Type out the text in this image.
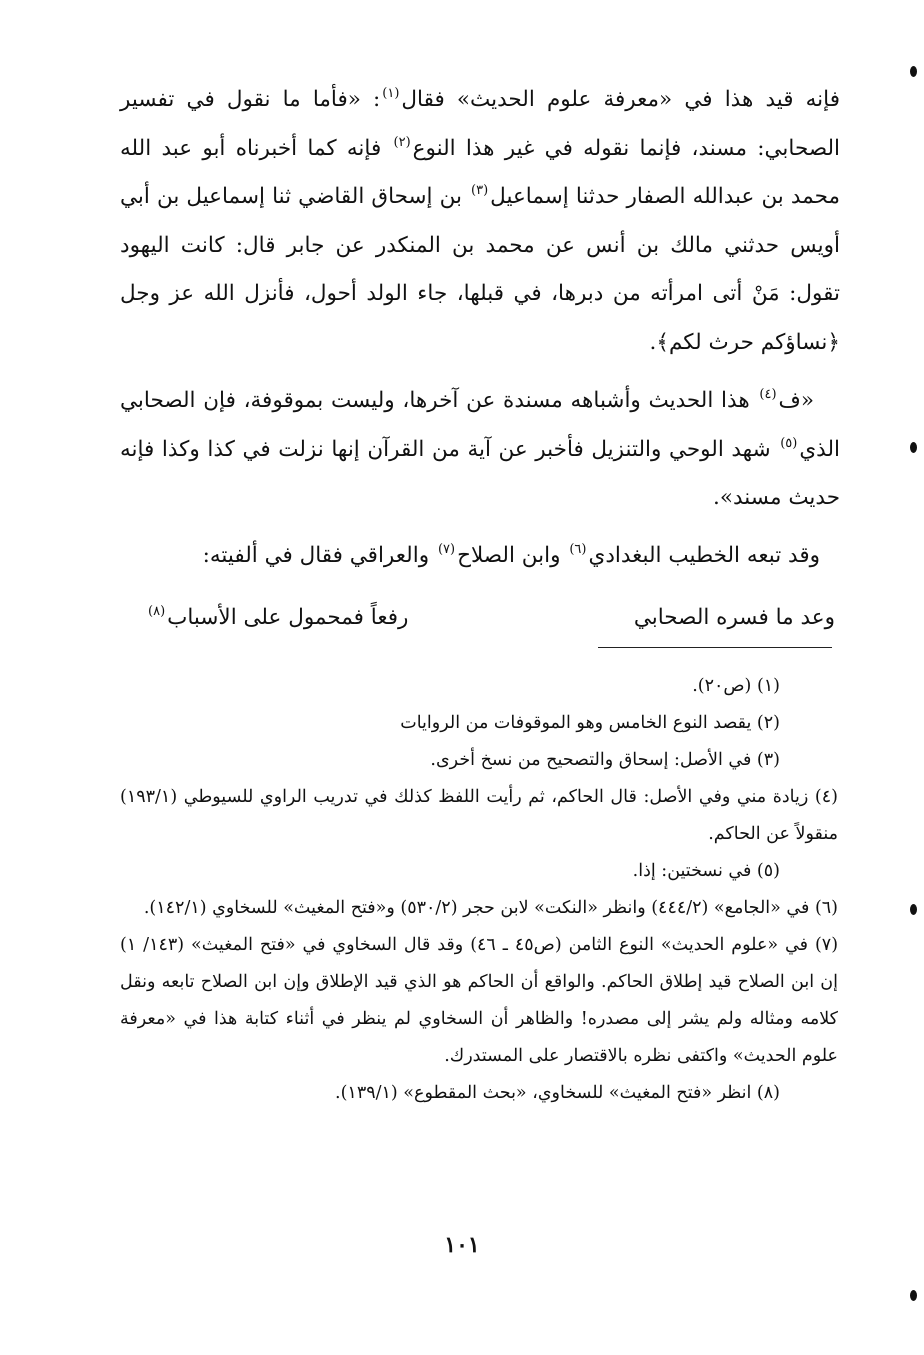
فإنه قيد هذا في «معرفة علوم الحديث» فقال$^{(١)}$: «فأما ما نقول في تفسير الصحابي: مسند، فإنما نقوله في غير هذا النوع$^{(٢)}$ فإنه كما أخبرناه أبو عبد الله محمد بن عبدالله الصفار حدثنا إسماعيل$^{(٣)}$ بن إسحاق القاضي ثنا إسماعيل بن أبي أويس حدثني مالك بن أنس عن محمد بن المنكدر عن جابر قال: كانت اليهود تقول: مَنْ أتى امرأته من دبرها، في قبلها، جاء الولد أحول، فأنزل الله عز وجل ﴿نساؤكم حرث لكم﴾.

«ف$^{(٤)}$ هذا الحديث وأشباهه مسندة عن آخرها، وليست بموقوفة، فإن الصحابي الذي$^{(٥)}$ شهد الوحي والتنزيل فأخبر عن آية من القرآن إنها نزلت في كذا وكذا فإنه حديث مسند».

وقد تبعه الخطيب البغدادي$^{(٦)}$ وابن الصلاح$^{(٧)}$ والعراقي فقال في ألفيته:

وعد ما فسره الصحابي
رفعاً فمحمول على الأسباب$^{(٨)}$

(١) (ص٢٠).

(٢) يقصد النوع الخامس وهو الموقوفات من الروايات

(٣) في الأصل: إسحاق والتصحيح من نسخ أخرى.

(٤) زيادة مني وفي الأصل: قال الحاكم، ثم رأيت اللفظ كذلك في تدريب الراوي للسيوطي (١٩٣/١) منقولاً عن الحاكم.

(٥) في نسختين: إذا.

(٦) في «الجامع» (٤٤٤/٢) وانظر «النكت» لابن حجر (٥٣٠/٢) و«فتح المغيث» للسخاوي (١٤٢/١).

(٧) في «علوم الحديث» النوع الثامن (ص٤٥ ـ ٤٦) وقد قال السخاوي في «فتح المغيث» (١٤٣/ ١) إن ابن الصلاح قيد إطلاق الحاكم. والواقع أن الحاكم هو الذي قيد الإطلاق وإن ابن الصلاح تابعه ونقل كلامه ومثاله ولم يشر إلى مصدره! والظاهر أن السخاوي لم ينظر في أثناء كتابة هذا في «معرفة علوم الحديث» واكتفى نظره بالاقتصار على المستدرك.

(٨) انظر «فتح المغيث» للسخاوي، «بحث المقطوع» (١٣٩/١).

١٠١
